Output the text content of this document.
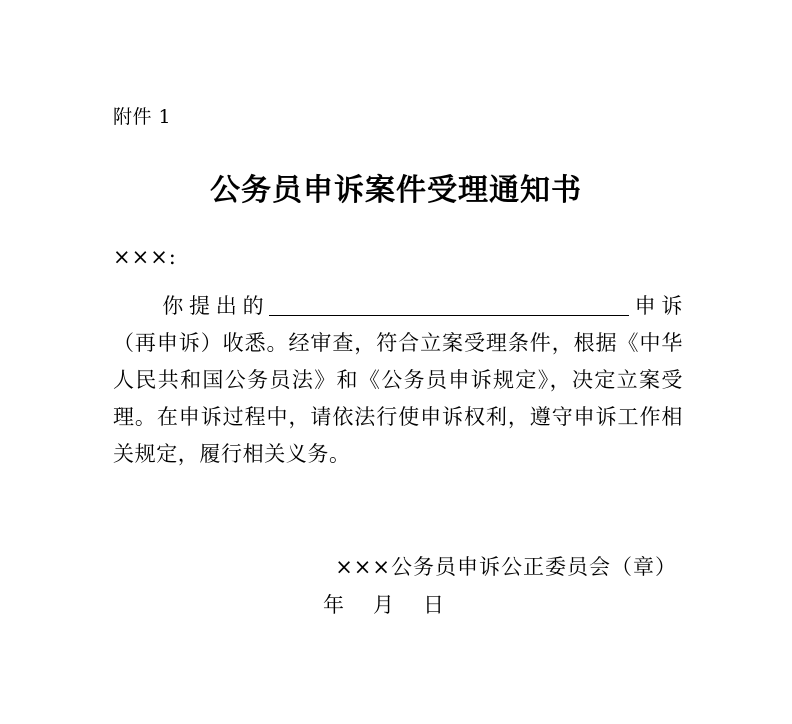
附件 1
公务员申诉案件受理通知书
×××:

你提出的	申诉（再申诉）收悉。经审查，符合立案受理条件，根据《中华人民共和国公务员法》和《公务员申诉规定》，决定立案受理。在申诉过程中，请依法行使申诉权利，遵守申诉工作相关规定，履行相关义务。

×××公务员申诉公正委员会（章）
年 月 日
